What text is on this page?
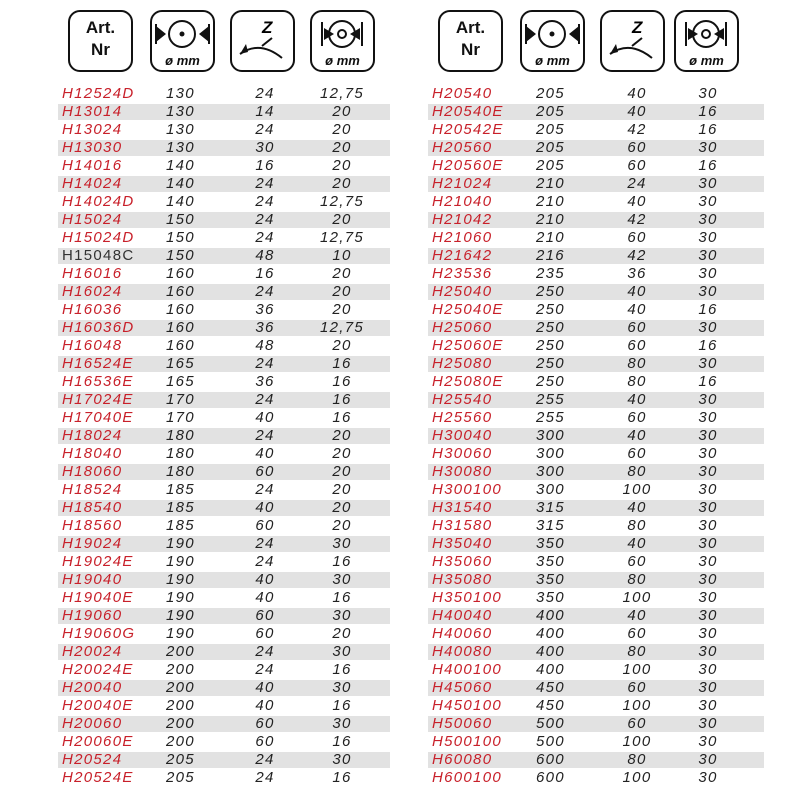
Art.
Nr
ø mm
Z
ø mm
H12524D 130	24	12,75
H13014	130	14	20
H13024	130	24	20
H13030	130	30	20
H14016	140	16	20
H14024	140	24	20
H14024D 140	24	12,75
H15024	150	24	20
H15024D 150	24	12,75
H15048C 150	48	10
H16016	160	16	20
H16024	160	24	20
H16036	160	36	20
H16036D 160	36	12,75
H16048	160	48	20
H16524E 165	24	16
H16536E 165	36	16
H17024E 170	24	16
H17040E 170	40	16
H18024	180	24	20
H18040	180	40	20
H18060	180	60	20
H18524	185	24	20
H18540	185	40	20
H18560	185	60	20
H19024	190	24	30
H19024E 190	24	16
H19040	190	40	30
H19040E 190	40	16
H19060	190	60	30
H19060G 190	60	20
H20024	200	24	30
H20024E 200	24	16
H20040	200	40	30
H20040E 200	40	16
H20060	200	60	30
H20060E 200	60	16
H20524	205	24	30
H20524E 205	24	16
Art.
Nr
ø mm
Z
ø mm
H20540	205	40	30
H20540E 205	40	16
H20542E 205	42	16
H20560	205	60	30
H20560E 205	60	16
H21024	210	24	30
H21040	210	40	30
H21042	210	42	30
H21060	210	60	30
H21642	216	42	30
H23536	235	36	30
H25040	250	40	30
H25040E 250	40	16
H25060	250	60	30
H25060E 250	60	16
H25080	250	80	30
H25080E 250	80	16
H25540	255	40	30
H25560	255	60	30
H30040	300	40	30
H30060	300	60	30
H30080	300	80	30
H300100 300	100	30
H31540	315	40	30
H31580	315	80	30
H35040	350	40	30
H35060	350	60	30
H35080	350	80	30
H350100 350	100	30
H40040	400	40	30
H40060	400	60	30
H40080	400	80	30
H400100 400	100	30
H45060	450	60	30
H450100 450	100	30
H50060	500	60	30
H500100 500	100	30
H60080	600	80	30
H600100 600	100	30
